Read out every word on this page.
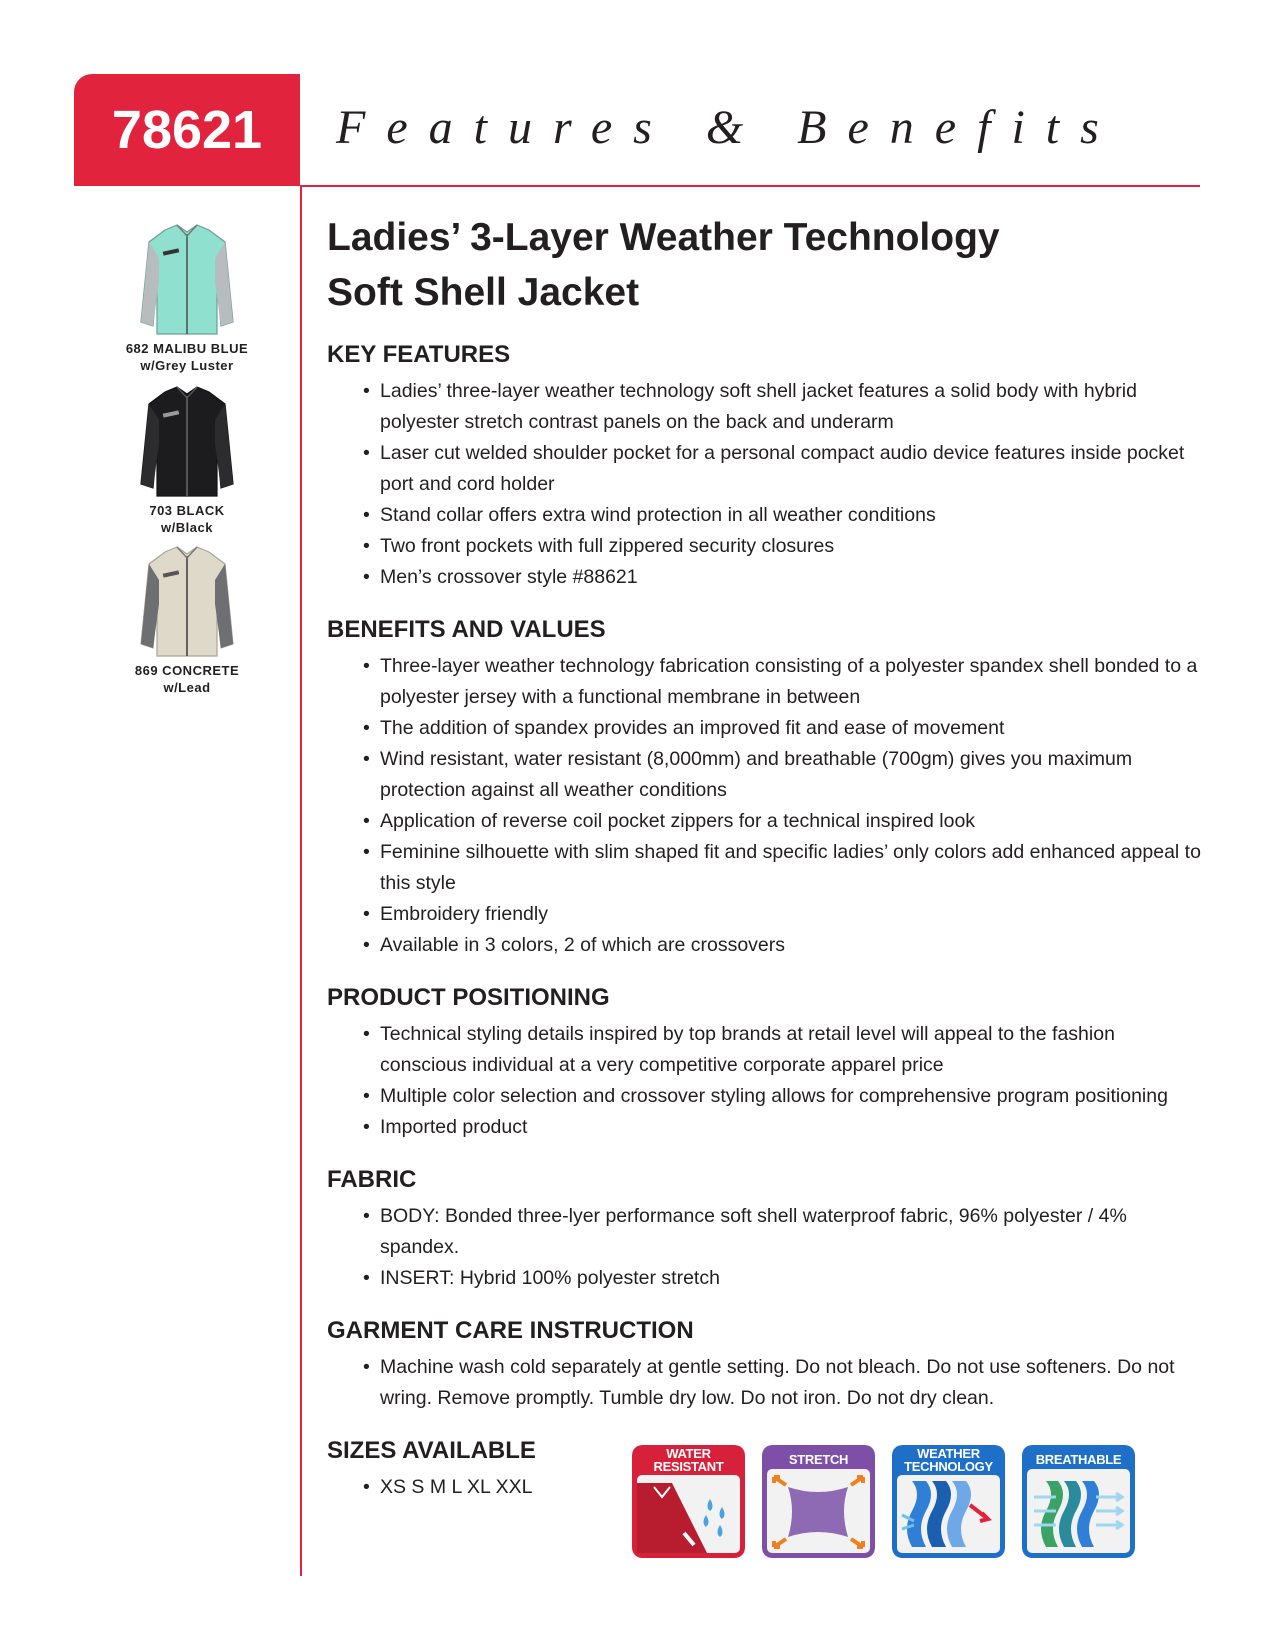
78621	Features & Benefits
682 MALIBU BLUE
w/Grey Luster
703 BLACK
w/Black
869 CONCRETE
w/Lead
Ladies’ 3-Layer Weather Technology
Soft Shell Jacket
KEY FEATURES
• Ladies’ three-layer weather technology soft shell jacket features a solid body with hybrid polyester stretch contrast panels on the back and underarm
• Laser cut welded shoulder pocket for a personal compact audio device features inside pocket port and cord holder
• Stand collar offers extra wind protection in all weather conditions
• Two front pockets with full zippered security closures
• Men’s crossover style #88621
BENEFITS AND VALUES
• Three-layer weather technology fabrication consisting of a polyester spandex shell bonded to a polyester jersey with a functional membrane in between
• The addition of spandex provides an improved fit and ease of movement
• Wind resistant, water resistant (8,000mm) and breathable (700gm) gives you maximum protection against all weather conditions
• Application of reverse coil pocket zippers for a technical inspired look
• Feminine silhouette with slim shaped fit and specific ladies’ only colors add enhanced appeal to this style
• Embroidery friendly
• Available in 3 colors, 2 of which are crossovers
PRODUCT POSITIONING
• Technical styling details inspired by top brands at retail level will appeal to the fashion conscious individual at a very competitive corporate apparel price
• Multiple color selection and crossover styling allows for comprehensive program positioning
• Imported product
FABRIC
• BODY: Bonded three-lyer performance soft shell waterproof fabric, 96% polyester / 4% spandex.
• INSERT: Hybrid 100% polyester stretch
GARMENT CARE INSTRUCTION
• Machine wash cold separately at gentle setting. Do not bleach. Do not use softeners. Do not wring. Remove promptly. Tumble dry low. Do not iron. Do not dry clean.
SIZES AVAILABLE
• XS S M L XL XXL
WATER
RESISTANT	STRETCH	WEATHER
TECHNOLOGY	BREATHABLE
